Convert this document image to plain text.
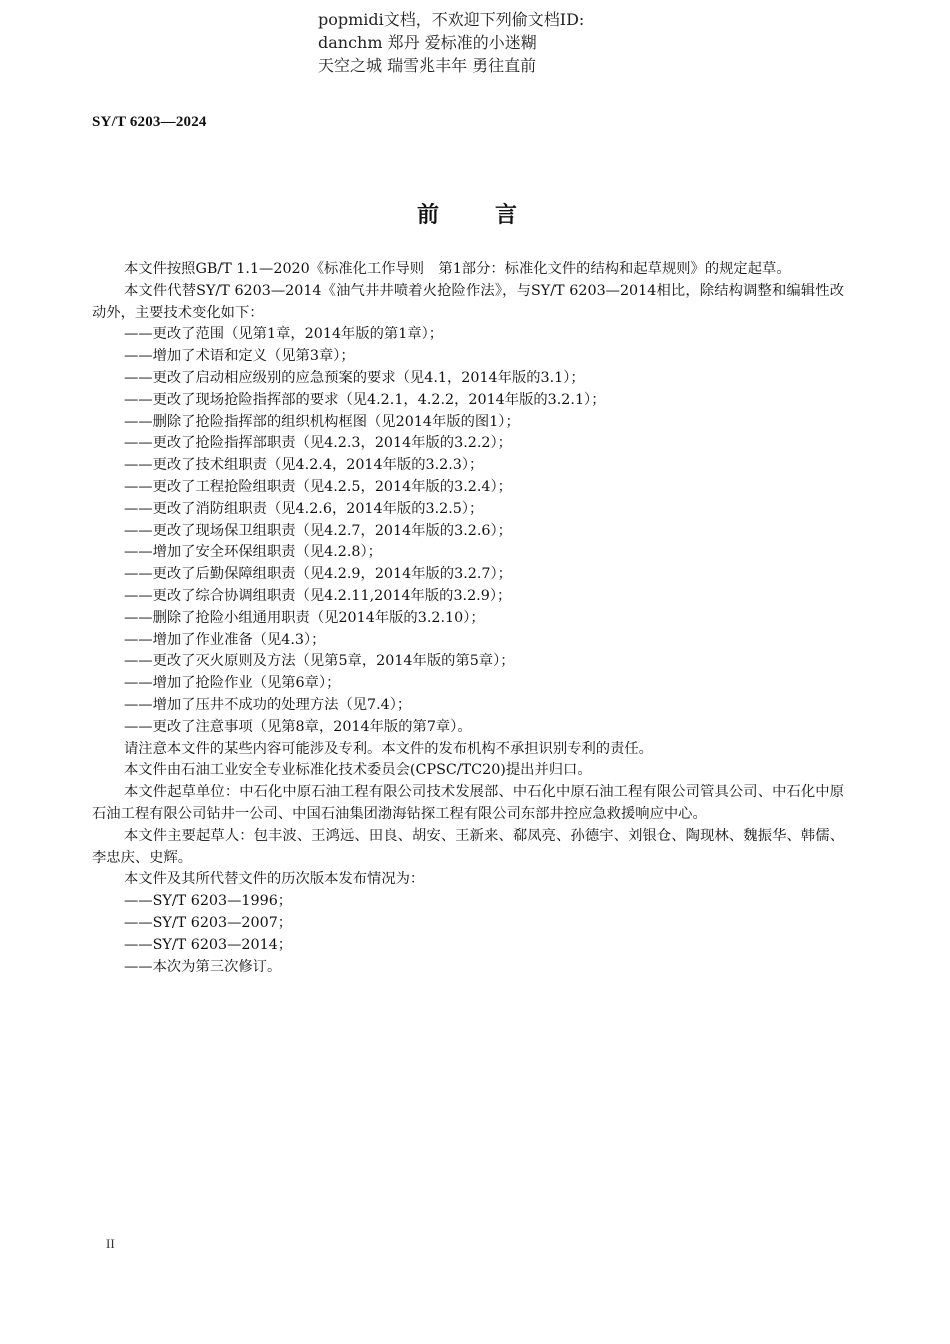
popmidi文档，不欢迎下列偷文档ID:
danchm 郑丹 爱标准的小迷糊
天空之城 瑞雪兆丰年 勇往直前
SY/T 6203—2024
前言

本文件按照GB/T 1.1—2020《标准化工作导则　第1部分：标准化文件的结构和起草规则》的规定起草。

本文件代替SY/T 6203—2014《油气井井喷着火抢险作法》，与SY/T 6203—2014相比，除结构调整和编辑性改动外，主要技术变化如下：

——更改了范围（见第1章，2014年版的第1章）；

——增加了术语和定义（见第3章）；

——更改了启动相应级别的应急预案的要求（见4.1，2014年版的3.1）；

——更改了现场抢险指挥部的要求（见4.2.1，4.2.2，2014年版的3.2.1）；

——删除了抢险指挥部的组织机构框图（见2014年版的图1）；

——更改了抢险指挥部职责（见4.2.3，2014年版的3.2.2）；

——更改了技术组职责（见4.2.4，2014年版的3.2.3）；

——更改了工程抢险组职责（见4.2.5，2014年版的3.2.4）；

——更改了消防组职责（见4.2.6，2014年版的3.2.5）；

——更改了现场保卫组职责（见4.2.7，2014年版的3.2.6）；

——增加了安全环保组职责（见4.2.8）；

——更改了后勤保障组职责（见4.2.9，2014年版的3.2.7）；

——更改了综合协调组职责（见4.2.11,2014年版的3.2.9）；

——删除了抢险小组通用职责（见2014年版的3.2.10）；

——增加了作业准备（见4.3）；

——更改了灭火原则及方法（见第5章，2014年版的第5章）；

——增加了抢险作业（见第6章）；

——增加了压井不成功的处理方法（见7.4）；

——更改了注意事项（见第8章，2014年版的第7章）。

请注意本文件的某些内容可能涉及专利。本文件的发布机构不承担识别专利的责任。

本文件由石油工业安全专业标准化技术委员会(CPSC/TC20)提出并归口。

本文件起草单位：中石化中原石油工程有限公司技术发展部、中石化中原石油工程有限公司管具公司、中石化中原石油工程有限公司钻井一公司、中国石油集团渤海钻探工程有限公司东部井控应急救援响应中心。

本文件主要起草人：包丰波、王鸿远、田良、胡安、王新来、郗凤亮、孙德宇、刘银仓、陶现林、魏振华、韩儒、李忠庆、史辉。

本文件及其所代替文件的历次版本发布情况为：

——SY/T 6203—1996；

——SY/T 6203—2007；

——SY/T 6203—2014；

——本次为第三次修订。

II
